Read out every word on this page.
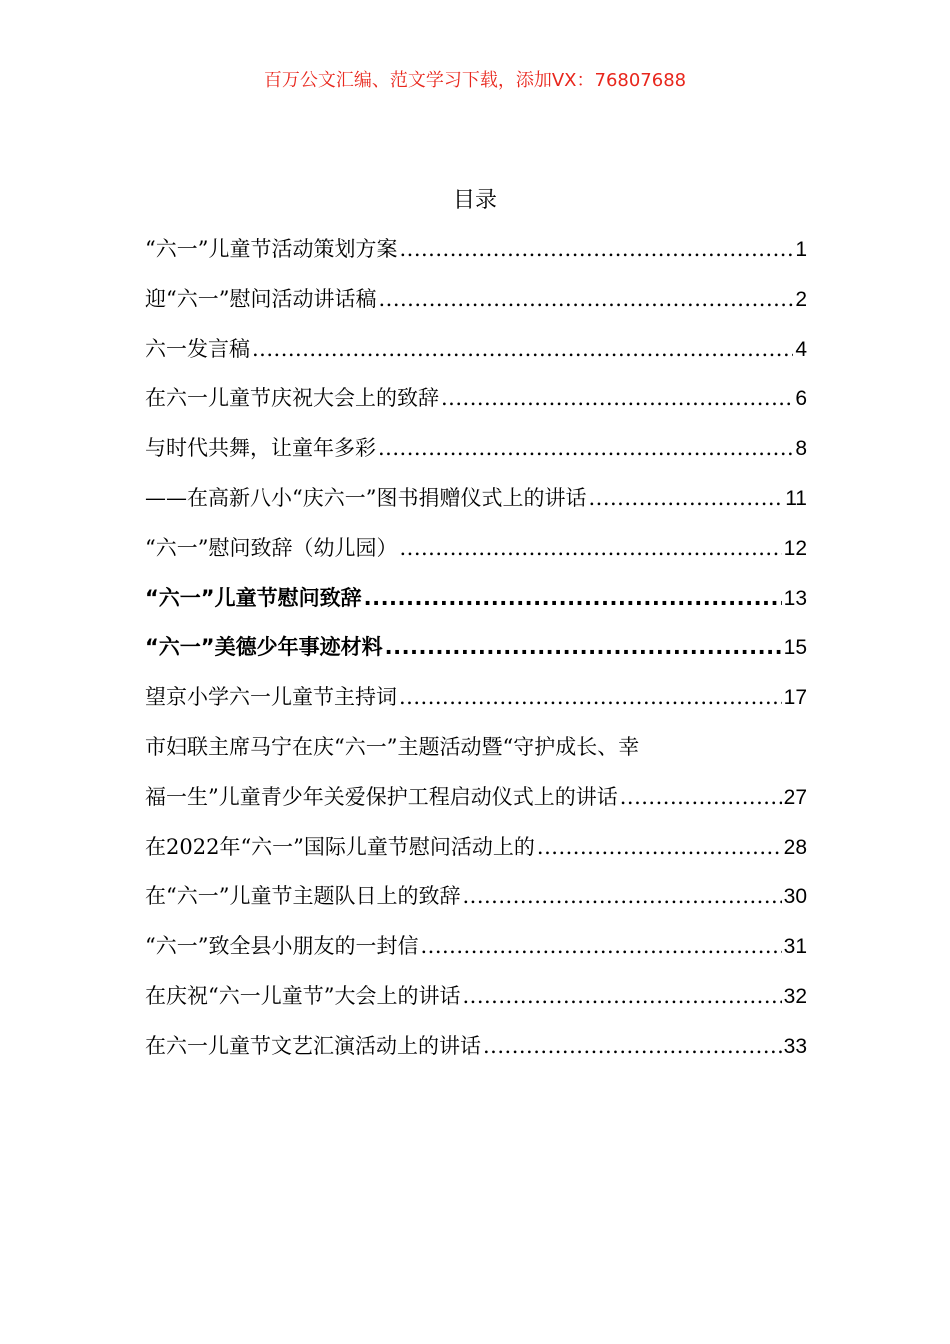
百万公文汇编、范文学习下载，添加VX：76807688
目录
“六一”儿童节活动策划方案 .....	1
迎“六一”慰问活动讲话稿 .....	2
六一发言稿 .....	4
在六一儿童节庆祝大会上的致辞 .....	6
与时代共舞，让童年多彩 .....	8
——在高新八小“庆六一”图书捐赠仪式上的讲话 .....	11
“六一”慰问致辞（幼儿园） .....	12
“六一”儿童节慰问致辞 .....	13
“六一”美德少年事迹材料 .....	15
望京小学六一儿童节主持词 .....	17
市妇联主席马宁在庆“六一”主题活动暨“守护成长、幸
福一生”儿童青少年关爱保护工程启动仪式上的讲话 .....	27
在2022年“六一”国际儿童节慰问活动上的 .....	28
在“六一”儿童节主题队日上的致辞 .....	30
“六一”致全县小朋友的一封信 .....	31
在庆祝“六一儿童节”大会上的讲话 .....	32
在六一儿童节文艺汇演活动上的讲话 .....	33
